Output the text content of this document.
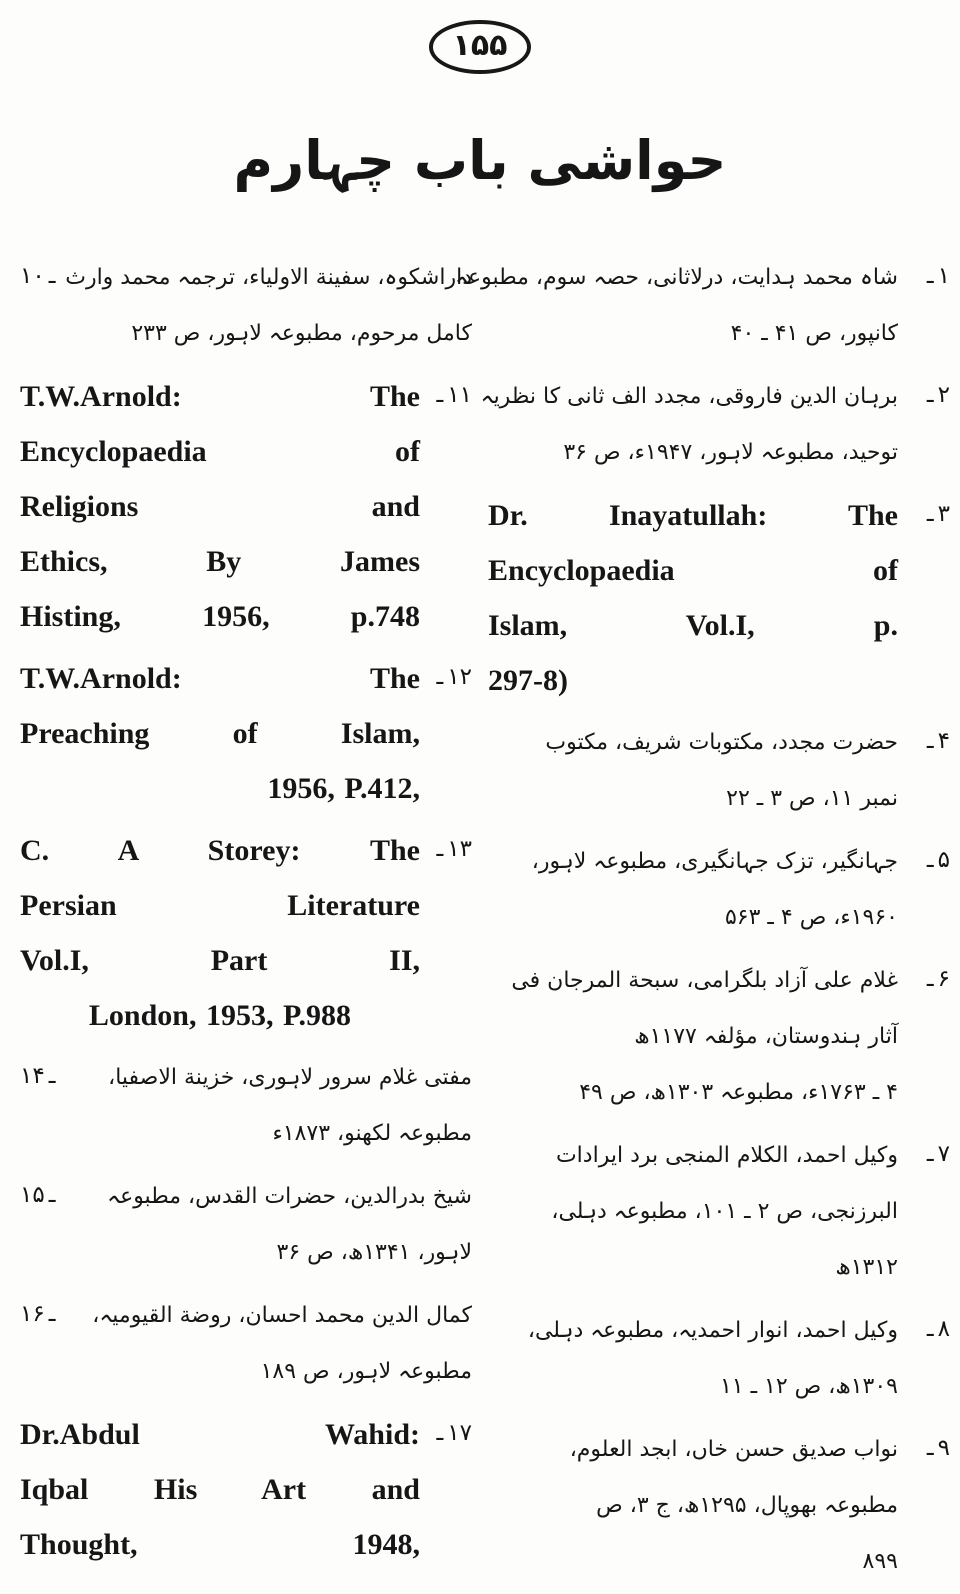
۱۵۵
حواشی باب چہارم
۱۰ ـ داراشکوہ، سفینة الاولیاء، ترجمہ محمد وارث
کامل مرحوم، مطبوعہ لاہور، ص ۲۳۳
T.W.Arnold: The
Encyclopaedia of
Religions and
Ethics, By James
Histing, 1956, p.748
۱۱
ـ
T.W.Arnold: The
Preaching of Islam,
1956, P.412,
۱۲
ـ
C. A Storey: The
Persian Literature
Vol.I, Part II,
London, 1953, P.988
۱۳
ـ
۱۴ ـ	مفتی غلام سرور لاہوری، خزینة الاصفیا،
مطبوعہ لکھنو، ۱۸۷۳ء
۱۵ ـ	شیخ بدرالدین، حضرات القدس، مطبوعہ
لاہور، ۱۳۴۱ھ، ص ۳۶
۱۶ ـ	کمال الدین محمد احسان، روضة القیومیہ،
مطبوعہ لاہور، ص ۱۸۹
Dr.Abdul Wahid:
Iqbal His Art and
Thought, 1948,
۱۷
ـ
شاہ محمد ہدایت، درلاثانی، حصہ سوم، مطبوعہ
کانپور، ص ۴۱ ـ ۴۰
۱
ـ
برہان الدین فاروقی، مجدد الف ثانی کا نظریہ
توحید، مطبوعہ لاہور، ۱۹۴۷ء، ص ۳۶
۲
ـ
Dr. Inayatullah: The
Encyclopaedia of
Islam, Vol.I, p.
297-8)
۳
ـ
حضرت مجدد، مکتوبات شریف، مکتوب
نمبر ۱۱، ص ۳ ـ ۲۲
۴
ـ
جہانگیر، تزک جہانگیری، مطبوعہ لاہور،
۱۹۶۰ء، ص ۴ ـ ۵۶۳
۵
ـ
غلام علی آزاد بلگرامی، سبحة المرجان فی
آثار ہندوستان، مؤلفہ ۱۱۷۷ھ
۴ ـ ۱۷۶۳ء، مطبوعہ ۱۳۰۳ھ، ص ۴۹
۶
ـ
وکیل احمد، الکلام المنجی برد ایرادات
البرزنجی، ص ۲ ـ ۱۰۱، مطبوعہ دہلی،
۱۳۱۲ھ
۷
ـ
وکیل احمد، انوار احمدیہ، مطبوعہ دہلی،
۱۳۰۹ھ، ص ۱۲ ـ ۱۱
۸
ـ
نواب صدیق حسن خاں، ابجد العلوم،
مطبوعہ بھوپال، ۱۲۹۵ھ، ج ۳، ص
۸۹۹
۹
ـ
